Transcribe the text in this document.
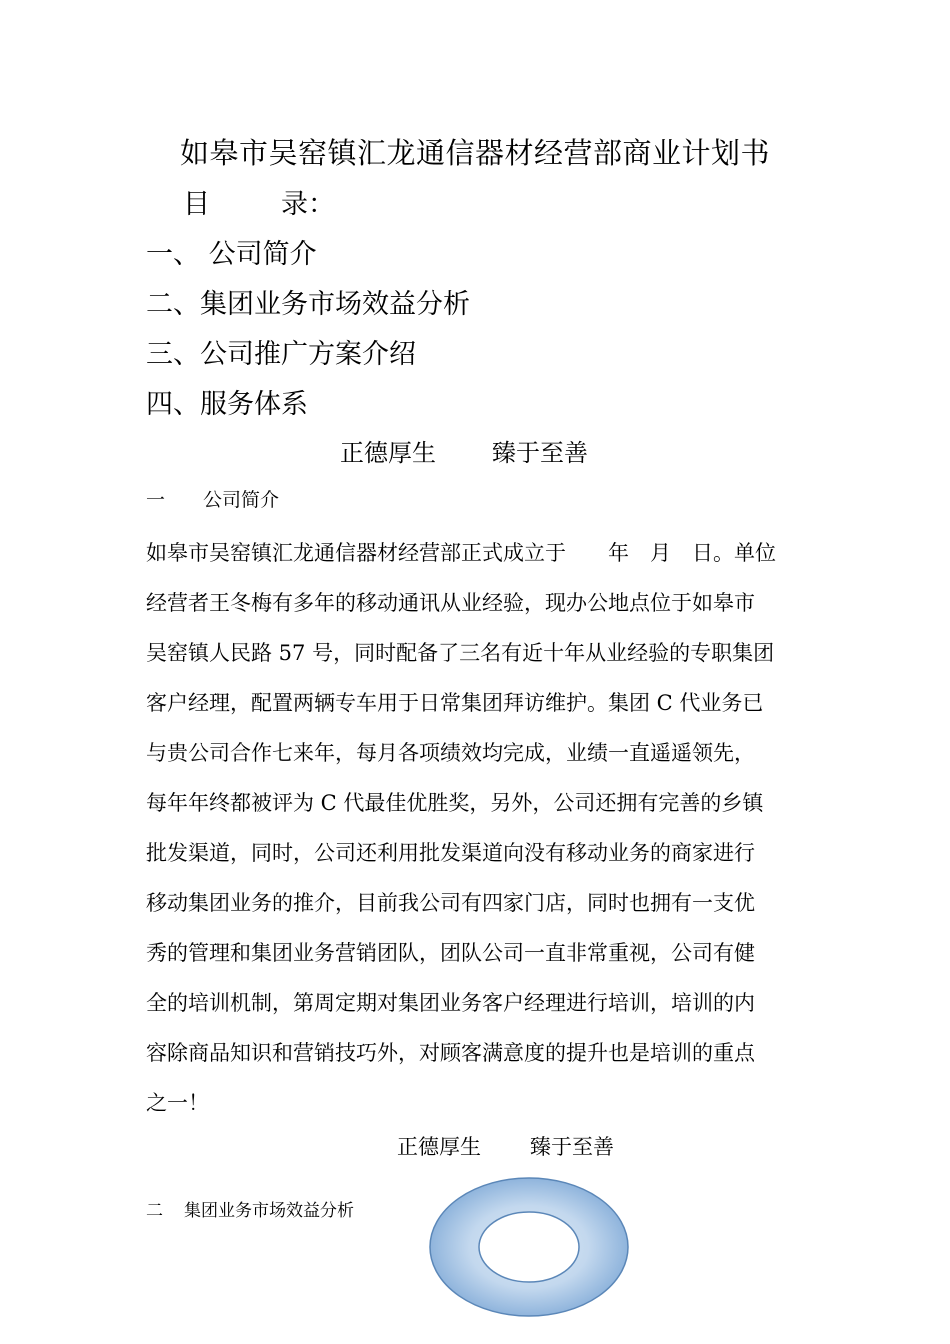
如皋市吴窑镇汇龙通信器材经营部商业计划书
目	录：
一、 公司简介
二、集团业务市场效益分析
三、公司推广方案介绍
四、服务体系
正德厚生 臻于至善
一 公司简介
如皋市吴窑镇汇龙通信器材经营部正式成立于　　年　月　日。单位
经营者王冬梅有多年的移动通讯从业经验，现办公地点位于如皋市
吴窑镇人民路 57 号，同时配备了三名有近十年从业经验的专职集团
客户经理，配置两辆专车用于日常集团拜访维护。集团 C 代业务已
与贵公司合作七来年，每月各项绩效均完成，业绩一直遥遥领先，
每年年终都被评为 C 代最佳优胜奖，另外，公司还拥有完善的乡镇
批发渠道，同时，公司还利用批发渠道向没有移动业务的商家进行
移动集团业务的推介，目前我公司有四家门店，同时也拥有一支优
秀的管理和集团业务营销团队，团队公司一直非常重视，公司有健
全的培训机制，第周定期对集团业务客户经理进行培训，培训的内
容除商品知识和营销技巧外，对顾客满意度的提升也是培训的重点
之一！
正德厚生 臻于至善
二 集团业务市场效益分析
